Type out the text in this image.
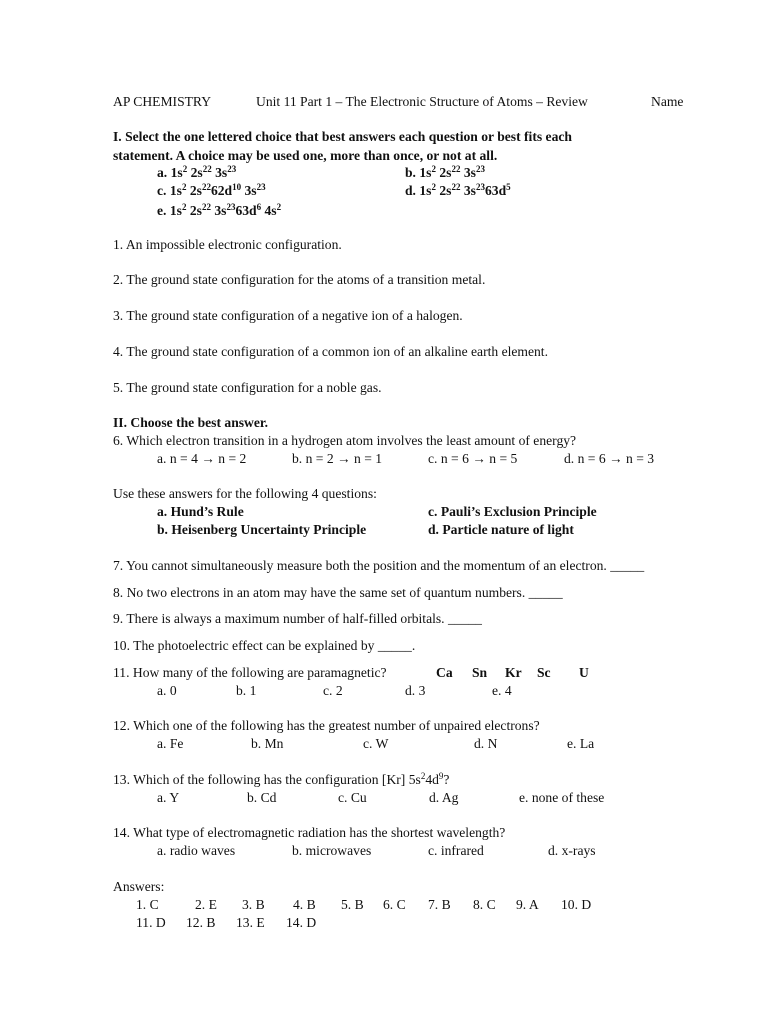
AP CHEMISTRY	Unit 11 Part 1 – The Electronic Structure of Atoms – Review	Name
I. Select the one lettered choice that best answers each question or best fits each
statement. A choice may be used one, more than once, or not at all.
a. $1s^2$ $2s^{22}$ $3s^{23}$	b. $1s^2$ $2s^{22}$ $3s^{23}$
c. $1s^2$ $2s^{22}62d^{10}$ $3s^{23}$	d. $1s^2$ $2s^{22}$ $3s^{23}63d^5$
e. $1s^2$ $2s^{22}$ $3s^{23}63d^6$ $4s^2$
1. An impossible electronic configuration.
2. The ground state configuration for the atoms of a transition metal.
3. The ground state configuration of a negative ion of a halogen.
4. The ground state configuration of a common ion of an alkaline earth element.
5. The ground state configuration for a noble gas.
II. Choose the best answer.
6. Which electron transition in a hydrogen atom involves the least amount of energy?
a. n = 4 → n = 2	b. n = 2 → n = 1	c. n = 6 → n = 5	d. n = 6 → n = 3
Use these answers for the following 4 questions:
a. Hund’s Rule	c. Pauli’s Exclusion Principle
b. Heisenberg Uncertainty Principle	d. Particle nature of light
7. You cannot simultaneously measure both the position and the momentum of an electron. _____
8. No two electrons in an atom may have the same set of quantum numbers. _____
9. There is always a maximum number of half-filled orbitals. _____
10. The photoelectric effect can be explained by _____.
11. How many of the following are paramagnetic?	Ca Sn Kr Sc U
a. 0	b. 1	c. 2	d. 3	e. 4
12. Which one of the following has the greatest number of unpaired electrons?
a. Fe	b. Mn	c. W	d. N	e. La
13. Which of the following has the configuration [Kr] $5s^24d^9$?
a. Y	b. Cd	c. Cu	d. Ag	e. none of these
14. What type of electromagnetic radiation has the shortest wavelength?
a. radio waves	b. microwaves	c. infrared	d. x-rays
Answers:
1. C	2. E 3. B 4. B 5. B 6. C 7. B 8. C 9. A 10. D
11. D 12. B 13. E 14. D
